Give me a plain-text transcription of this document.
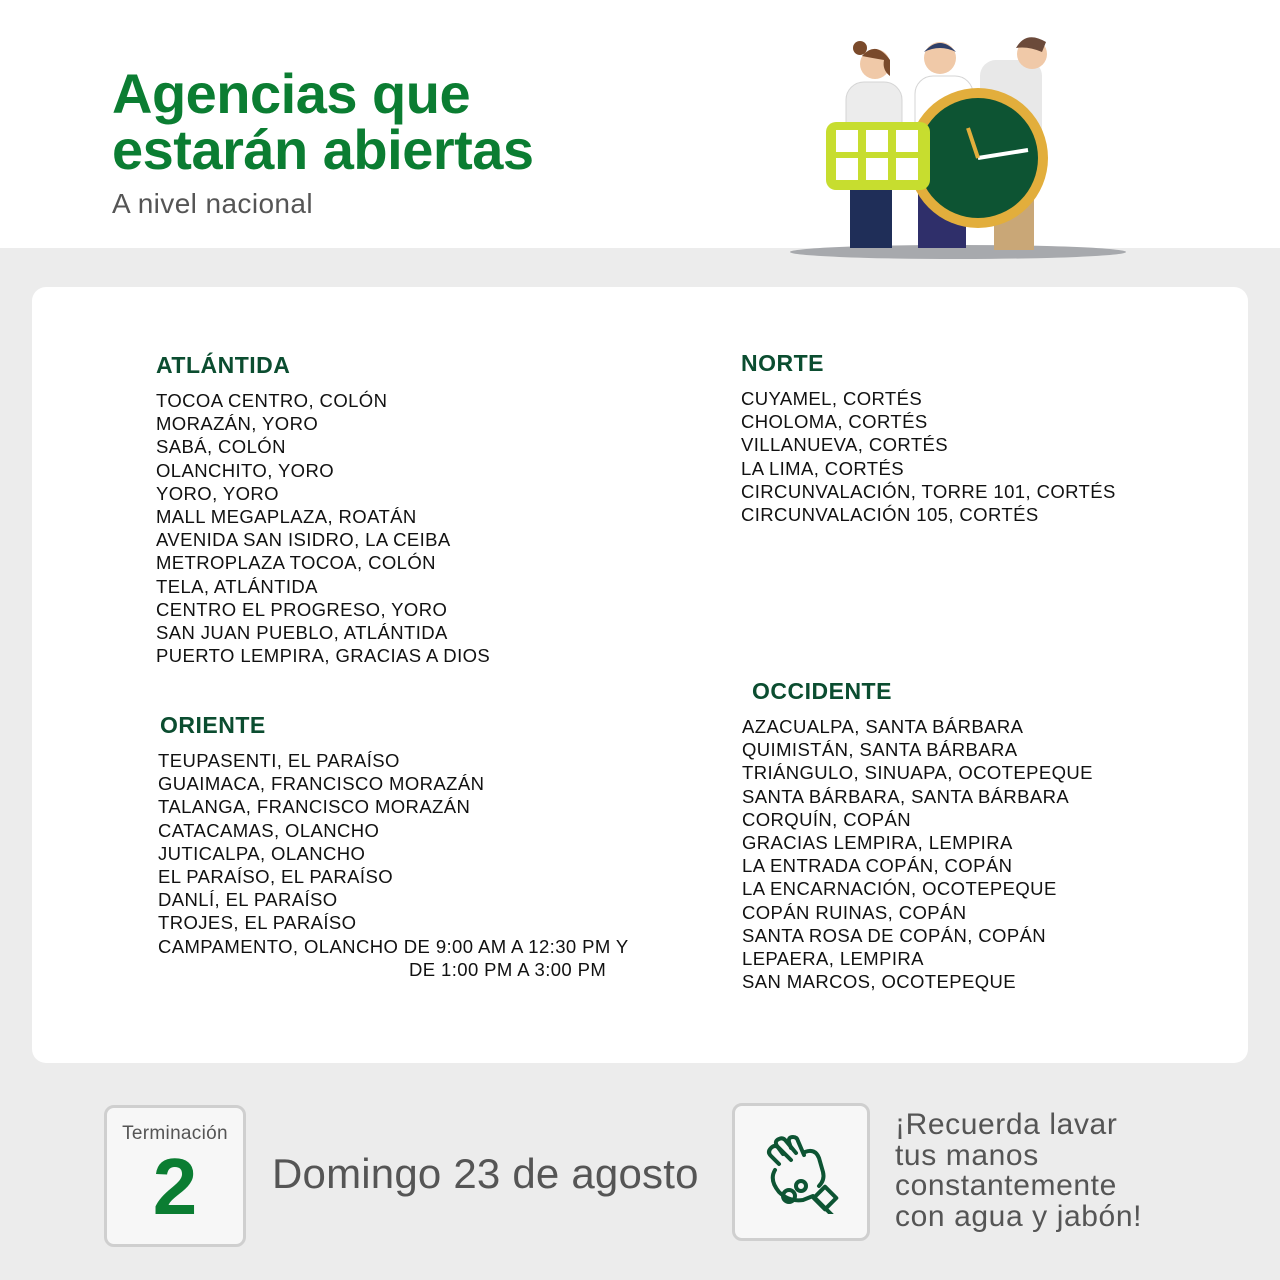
Agencias que
estarán abiertas
A nivel nacional
ATLÁNTIDA
TOCOA CENTRO, COLÓN
MORAZÁN, YORO
SABÁ, COLÓN
OLANCHITO, YORO
YORO, YORO
MALL MEGAPLAZA, ROATÁN
AVENIDA SAN ISIDRO, LA CEIBA
METROPLAZA TOCOA, COLÓN
TELA, ATLÁNTIDA
CENTRO EL PROGRESO, YORO
SAN JUAN PUEBLO, ATLÁNTIDA
PUERTO LEMPIRA, GRACIAS A DIOS
NORTE
CUYAMEL, CORTÉS
CHOLOMA, CORTÉS
VILLANUEVA, CORTÉS
LA LIMA, CORTÉS
CIRCUNVALACIÓN, TORRE 101, CORTÉS
CIRCUNVALACIÓN 105, CORTÉS
ORIENTE
TEUPASENTI, EL PARAÍSO
GUAIMACA, FRANCISCO MORAZÁN
TALANGA, FRANCISCO MORAZÁN
CATACAMAS, OLANCHO
JUTICALPA, OLANCHO
EL PARAÍSO, EL PARAÍSO
DANLÍ, EL PARAÍSO
TROJES, EL PARAÍSO
CAMPAMENTO, OLANCHO DE 9:00 AM A 12:30 PM Y
DE 1:00 PM A 3:00 PM
OCCIDENTE
AZACUALPA, SANTA BÁRBARA
QUIMISTÁN, SANTA BÁRBARA
TRIÁNGULO, SINUAPA, OCOTEPEQUE
SANTA BÁRBARA, SANTA BÁRBARA
CORQUÍN, COPÁN
GRACIAS LEMPIRA, LEMPIRA
LA ENTRADA COPÁN, COPÁN
LA ENCARNACIÓN, OCOTEPEQUE
COPÁN RUINAS, COPÁN
SANTA ROSA DE COPÁN, COPÁN
LEPAERA, LEMPIRA
SAN MARCOS, OCOTEPEQUE
Terminación
2	Domingo 23 de agosto
¡Recuerda lavar
tus manos
constantemente
con agua y jabón!
